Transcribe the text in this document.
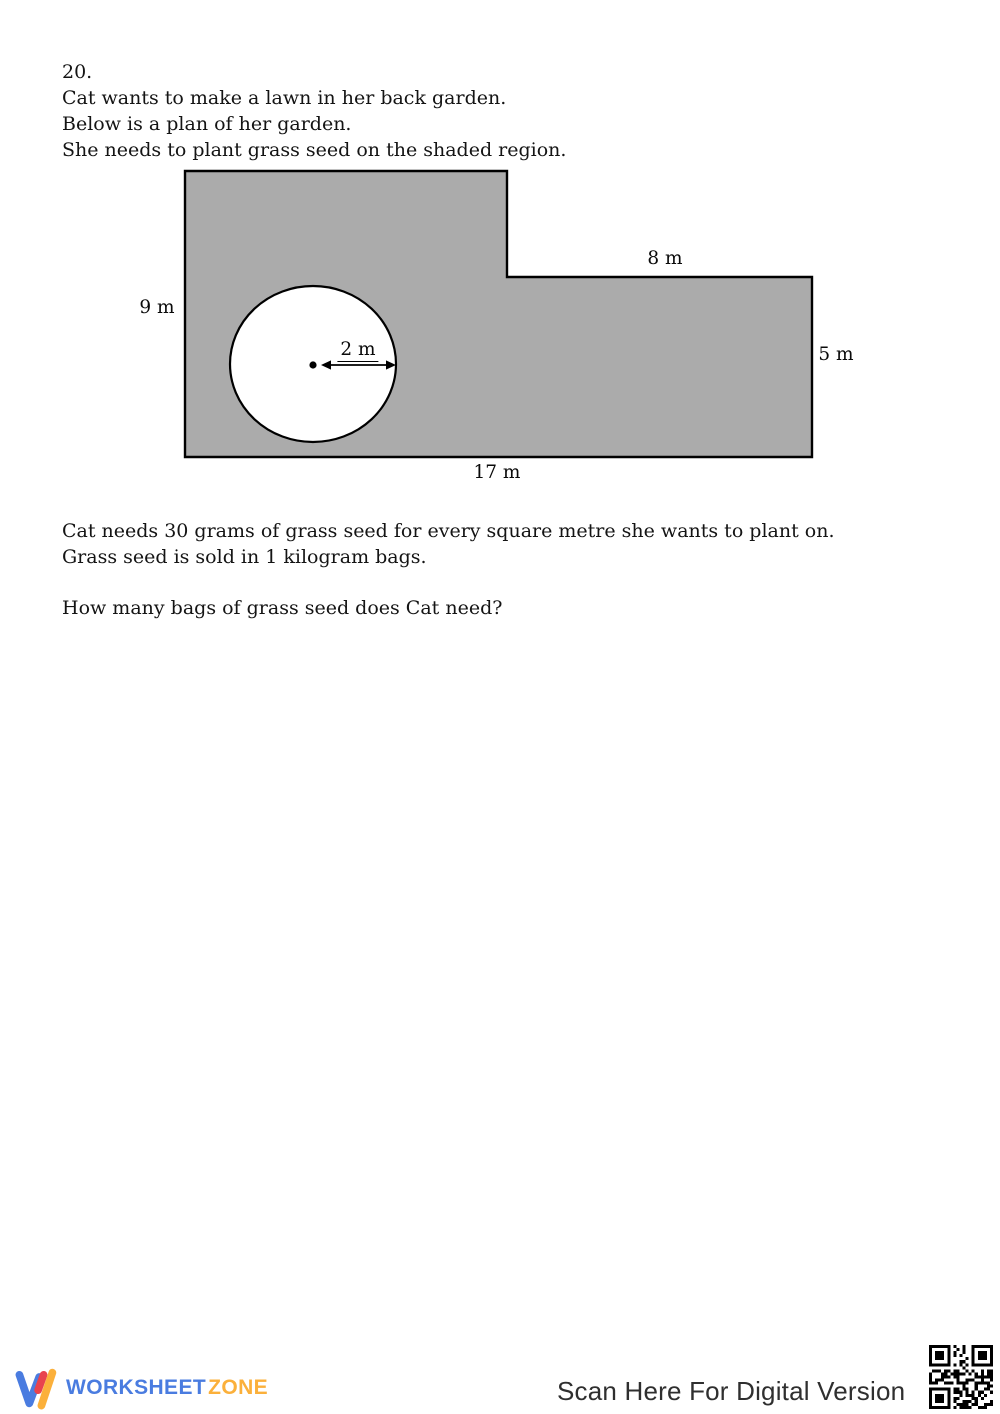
20.
Cat wants to make a lawn in her back garden.
Below is a plan of her garden.
She needs to plant grass seed on the shaded region.
8 m
9 m
2 m	5 m
17 m
Cat needs 30 grams of grass seed for every square metre she wants to plant on.
Grass seed is sold in 1 kilogram bags.
How many bags of grass seed does Cat need?
WORKSHEETZONE	Scan Here For Digital Version
